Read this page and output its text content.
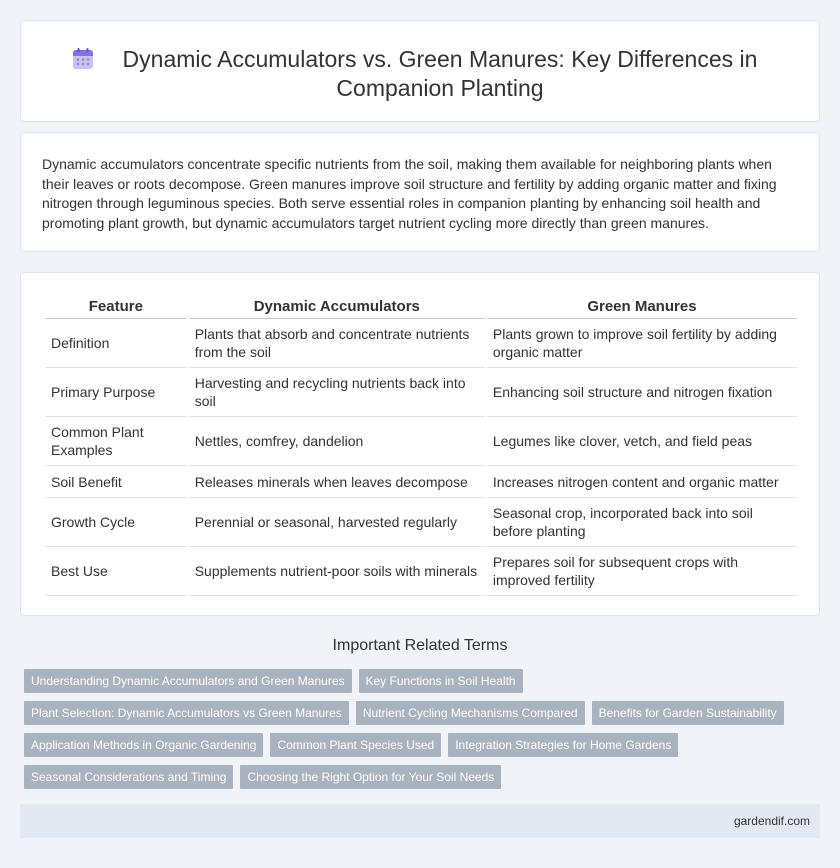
Dynamic Accumulators vs. Green Manures: Key Differences in Companion Planting

Dynamic accumulators concentrate specific nutrients from the soil, making them available for neighboring plants when their leaves or roots decompose. Green manures improve soil structure and fertility by adding organic matter and fixing nitrogen through leguminous species. Both serve essential roles in companion planting by enhancing soil health and promoting plant growth, but dynamic accumulators target nutrient cycling more directly than green manures.

Feature	Dynamic Accumulators	Green Manures
Definition	Plants that absorb and concentrate nutrients from the soil	Plants grown to improve soil fertility by adding organic matter
Primary Purpose	Harvesting and recycling nutrients back into soil	Enhancing soil structure and nitrogen fixation
Common Plant Examples	Nettles, comfrey, dandelion	Legumes like clover, vetch, and field peas
Soil Benefit	Releases minerals when leaves decompose	Increases nitrogen content and organic matter
Growth Cycle	Perennial or seasonal, harvested regularly	Seasonal crop, incorporated back into soil before planting
Best Use	Supplements nutrient-poor soils with minerals	Prepares soil for subsequent crops with improved fertility
Important Related Terms
Understanding Dynamic Accumulators and Green Manures	Key Functions in Soil Health
Plant Selection: Dynamic Accumulators vs Green Manures	Nutrient Cycling Mechanisms Compared	Benefits for Garden Sustainability
Application Methods in Organic Gardening	Common Plant Species Used	Integration Strategies for Home Gardens
Seasonal Considerations and Timing	Choosing the Right Option for Your Soil Needs
gardendif.com
